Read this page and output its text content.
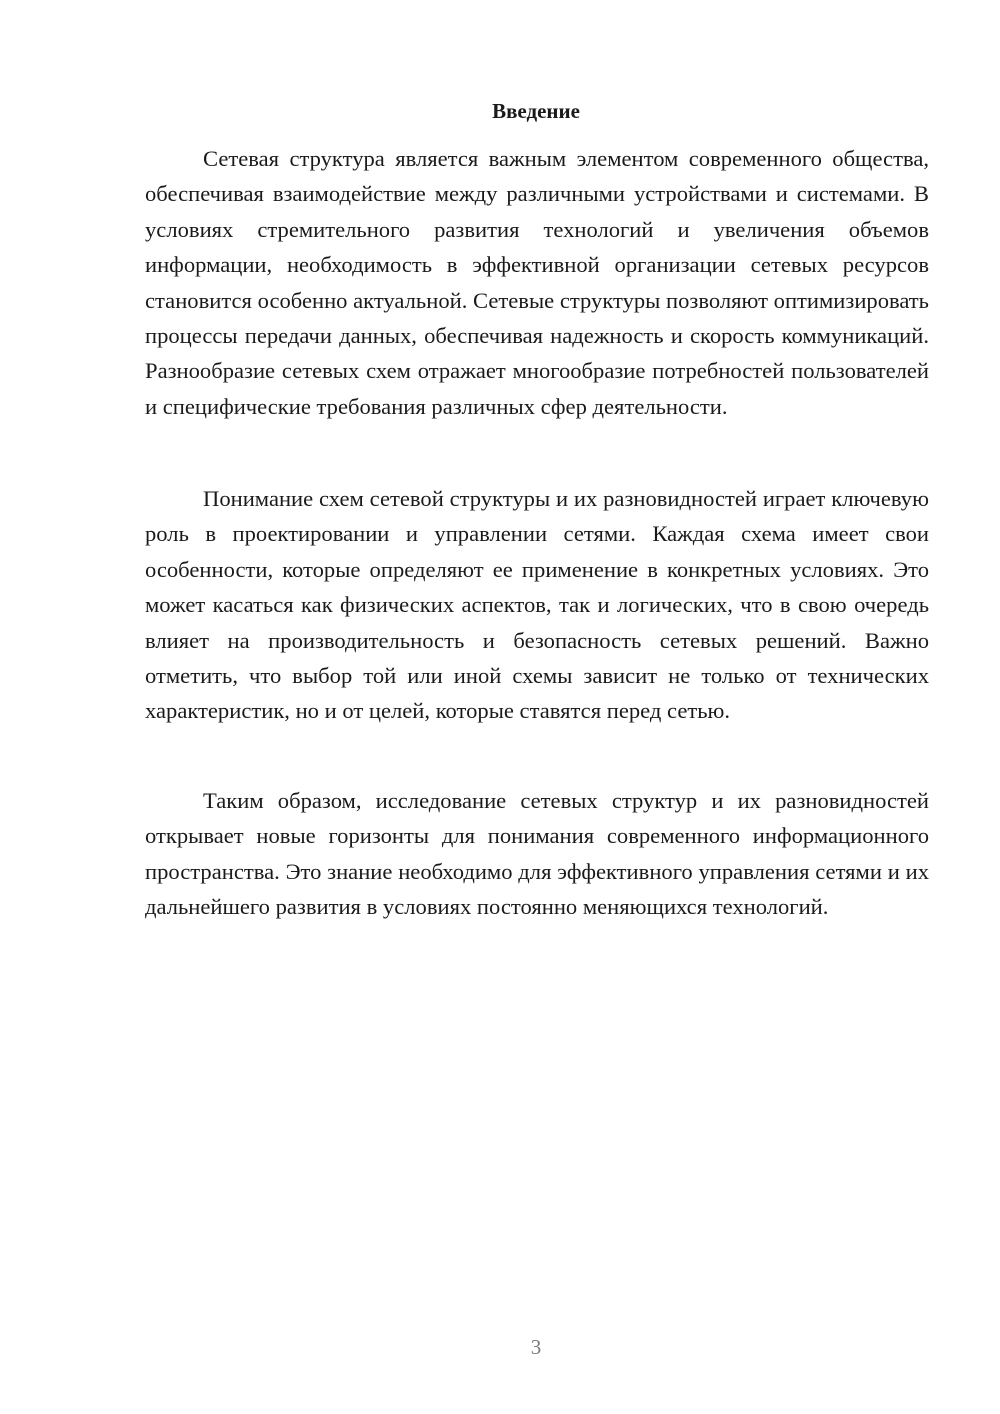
Введение

Сетевая структура является важным элементом современного общества, обеспечивая взаимодействие между различными устройствами и системами. В условиях стремительного развития технологий и увеличения объемов информации, необходимость в эффективной организации сетевых ресурсов становится особенно актуальной. Сетевые структуры позволяют оптимизировать процессы передачи данных, обеспечивая надежность и скорость коммуникаций. Разнообразие сетевых схем отражает многообразие потребностей пользователей и специфические требования различных сфер деятельности.

Понимание схем сетевой структуры и их разновидностей играет ключевую роль в проектировании и управлении сетями. Каждая схема имеет свои особенности, которые определяют ее применение в конкретных условиях. Это может касаться как физических аспектов, так и логических, что в свою очередь влияет на производительность и безопасность сетевых решений. Важно отметить, что выбор той или иной схемы зависит не только от технических характеристик, но и от целей, которые ставятся перед сетью.

Таким образом, исследование сетевых структур и их разновидностей открывает новые горизонты для понимания современного информационного пространства. Это знание необходимо для эффективного управления сетями и их дальнейшего развития в условиях постоянно меняющихся технологий.

3
